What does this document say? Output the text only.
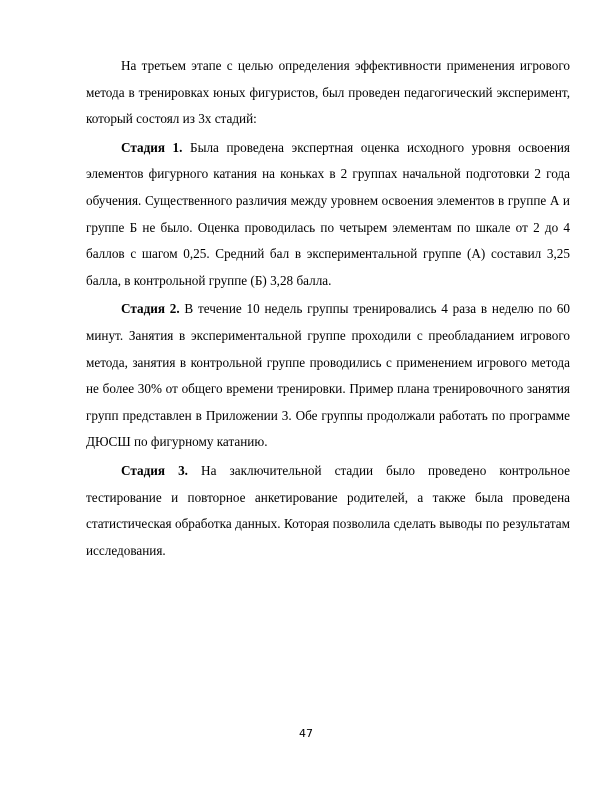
На третьем этапе с целью определения эффективности применения игрового метода в тренировках юных фигуристов, был проведен педагогический эксперимент, который состоял из 3х стадий:

Стадия 1. Была проведена экспертная оценка исходного уровня освоения элементов фигурного катания на коньках в 2 группах начальной подготовки 2 года обучения. Существенного различия между уровнем освоения элементов в группе А и группе Б не было. Оценка проводилась по четырем элементам по шкале от 2 до 4 баллов с шагом 0,25. Средний бал в экспериментальной группе (А) составил 3,25 балла, в контрольной группе (Б) 3,28 балла.

Стадия 2. В течение 10 недель группы тренировались 4 раза в неделю по 60 минут. Занятия в экспериментальной группе проходили с преобладанием игрового метода, занятия в контрольной группе проводились с применением игрового метода не более 30% от общего времени тренировки. Пример плана тренировочного занятия групп представлен в Приложении 3. Обе группы продолжали работать по программе ДЮСШ по фигурному катанию.

Стадия 3. На заключительной стадии было проведено контрольное тестирование и повторное анкетирование родителей, а также была проведена статистическая обработка данных. Которая позволила сделать выводы по результатам исследования.

47
